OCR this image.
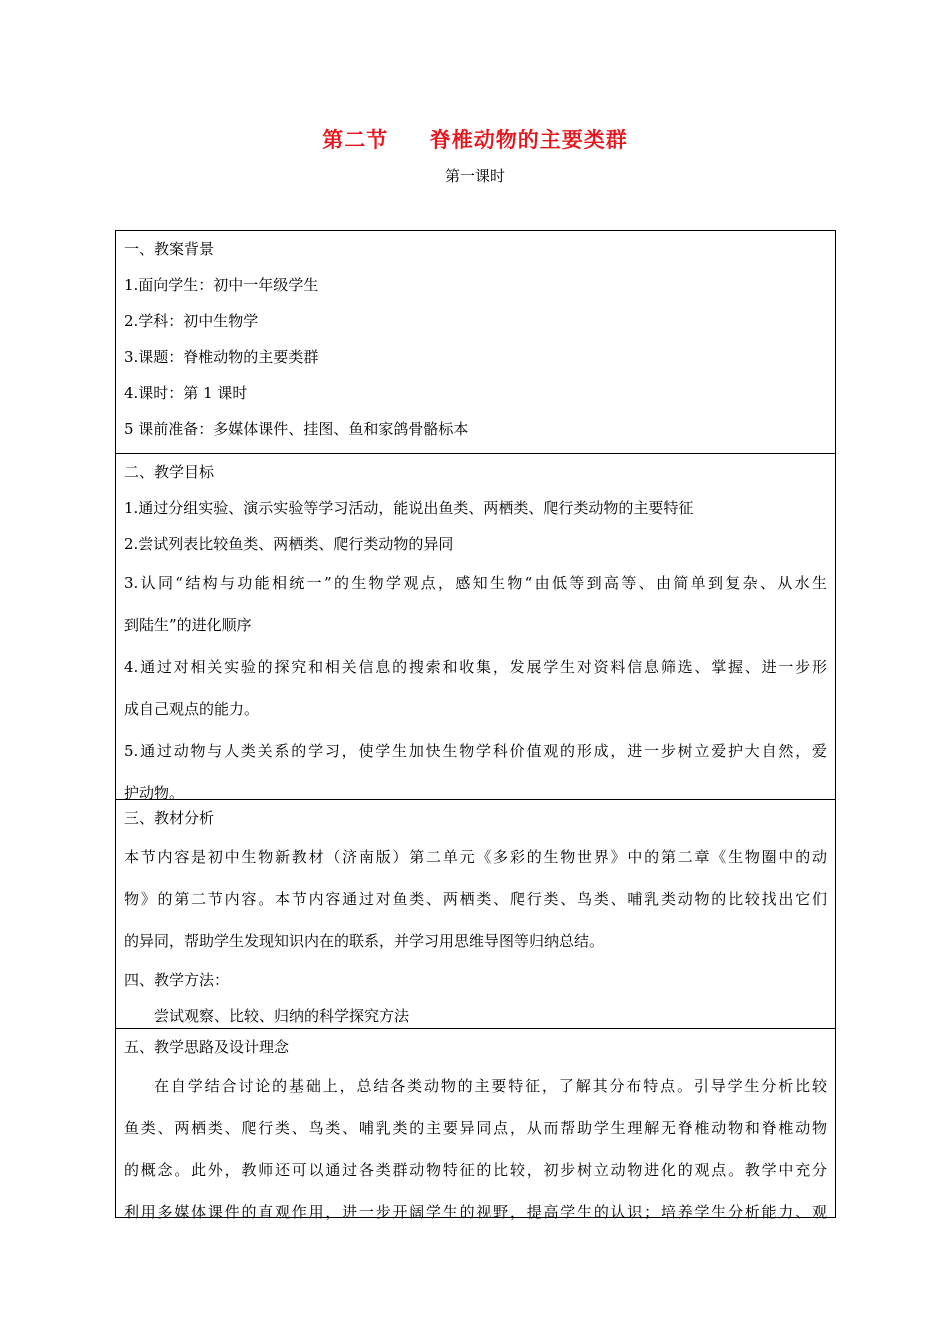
第二节     脊椎动物的主要类群
第一课时
一、教案背景
1.面向学生：初中一年级学生
2.学科：初中生物学
3.课题：脊椎动物的主要类群
4.课时：第 1 课时
5 课前准备：多媒体课件、挂图、鱼和家鸽骨骼标本
二、教学目标
1.通过分组实验、演示实验等学习活动，能说出鱼类、两栖类、爬行类动物的主要特征
2.尝试列表比较鱼类、两栖类、爬行类动物的异同
3.认同“结构与功能相统一”的生物学观点，感知生物“由低等到高等、由简单到复杂、从水生
到陆生”的进化顺序
4.通过对相关实验的探究和相关信息的搜索和收集，发展学生对资料信息筛选、掌握、进一步形
成自己观点的能力。
5.通过动物与人类关系的学习，使学生加快生物学科价值观的形成，进一步树立爱护大自然，爱
护动物。
三、教材分析
本节内容是初中生物新教材（济南版）第二单元《多彩的生物世界》中的第二章《生物圈中的动
物》的第二节内容。本节内容通过对鱼类、两栖类、爬行类、鸟类、哺乳类动物的比较找出它们
的异同，帮助学生发现知识内在的联系，并学习用思维导图等归纳总结。
四、教学方法：
尝试观察、比较、归纳的科学探究方法
五、教学思路及设计理念
在自学结合讨论的基础上，总结各类动物的主要特征，了解其分布特点。引导学生分析比较
鱼类、两栖类、爬行类、鸟类、哺乳类的主要异同点，从而帮助学生理解无脊椎动物和脊椎动物
的概念。此外，教师还可以通过各类群动物特征的比较，初步树立动物进化的观点。教学中充分
利用多媒体课件的直观作用，进一步开阔学生的视野，提高学生的认识；培养学生分析能力、观
